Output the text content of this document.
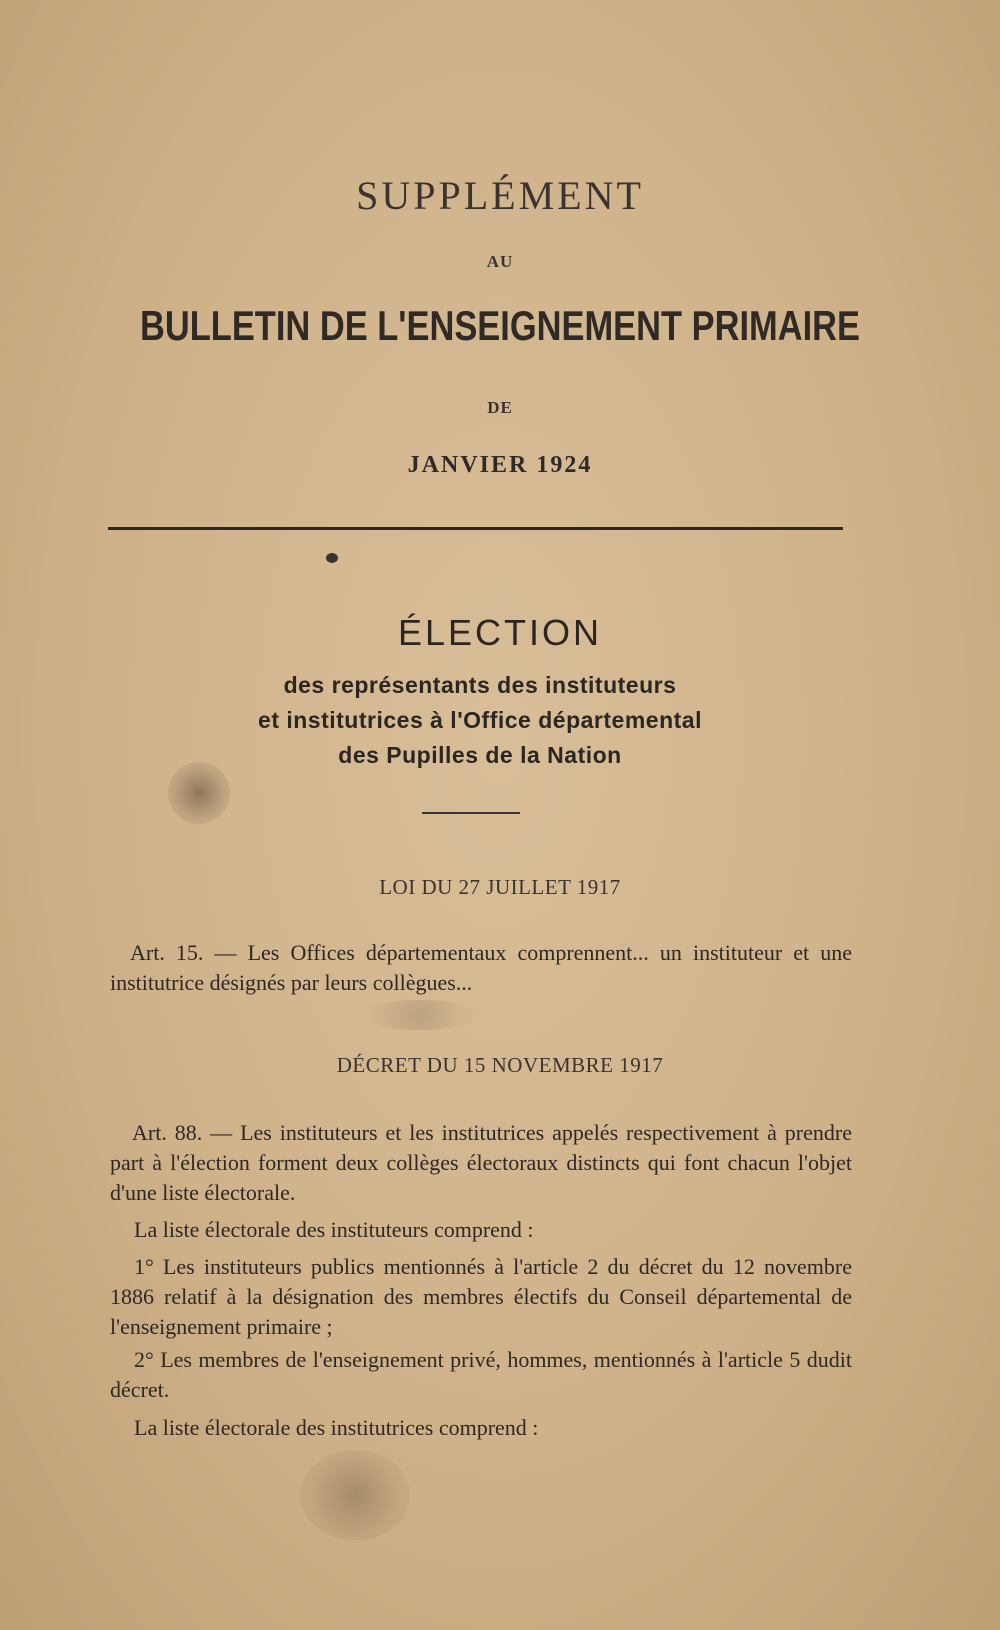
SUPPLÉMENT
AU
BULLETIN DE L'ENSEIGNEMENT PRIMAIRE
DE
JANVIER 1924
ÉLECTION
des représentants des instituteurs
et institutrices à l'Office départemental
des Pupilles de la Nation
LOI DU 27 JUILLET 1917
Art. 15. — Les Offices départementaux comprennent... un instituteur et une institutrice désignés par leurs collègues...
DÉCRET DU 15 NOVEMBRE 1917
Art. 88. — Les instituteurs et les institutrices appelés respectivement à prendre part à l'élection forment deux collèges électoraux distincts qui font chacun l'objet d'une liste électorale.
La liste électorale des instituteurs comprend :
1° Les instituteurs publics mentionnés à l'article 2 du décret du 12 novembre 1886 relatif à la désignation des membres électifs du Conseil départemental de l'enseignement primaire ;
2° Les membres de l'enseignement privé, hommes, mentionnés à l'article 5 dudit décret.
La liste électorale des institutrices comprend :
